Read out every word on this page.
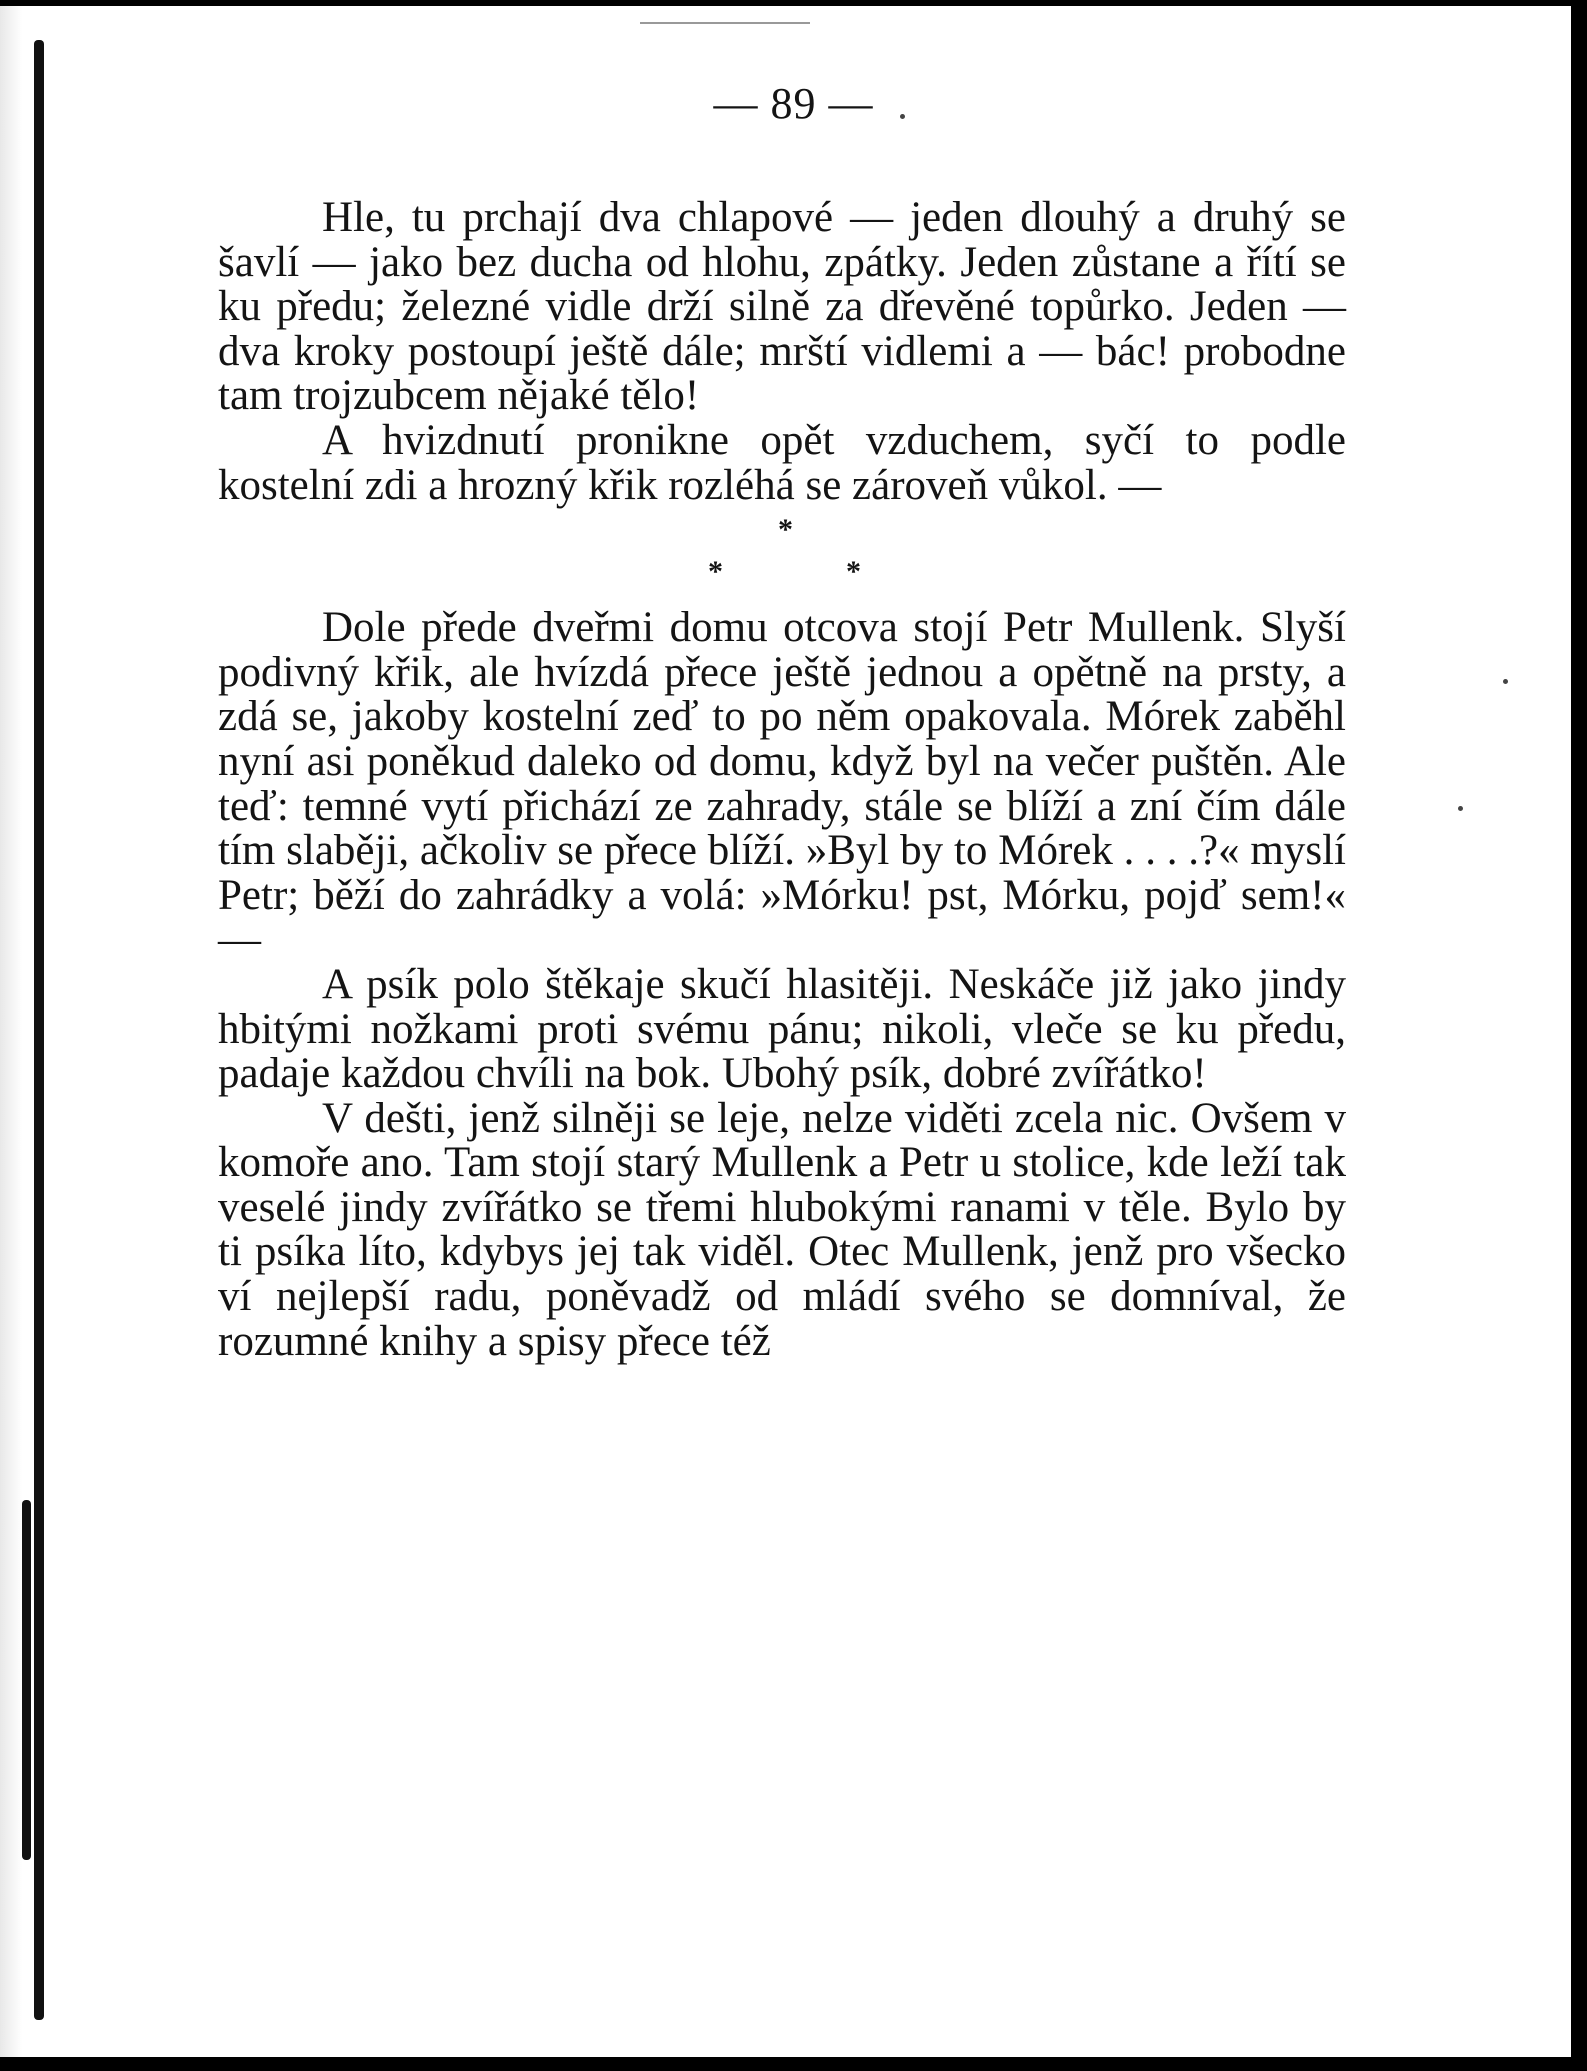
— 89 —

Hle, tu prchají dva chlapové — jeden dlouhý a druhý se šavlí — jako bez ducha od hlohu, zpátky. Jeden zůstane a řítí se ku předu; železné vidle drží silně za dřevěné topůrko. Jeden — dva kroky postoupí ještě dále; mrští vidlemi a — bác! probodne tam trojzubcem nějaké tělo!

A hvizdnutí pronikne opět vzduchem, syčí to podle kostelní zdi a hrozný křik rozléhá se zároveň vůkol. —

*
*	*

Dole přede dveřmi domu otcova stojí Petr Mullenk. Slyší podivný křik, ale hvízdá přece ještě jednou a opětně na prsty, a zdá se, jakoby kostelní zeď to po něm opakovala. Mórek zaběhl nyní asi poněkud daleko od domu, když byl na večer puštěn. Ale teď: temné vytí přichází ze zahrady, stále se blíží a zní čím dále tím slaběji, ačkoliv se přece blíží. »Byl by to Mórek . . . .?« myslí Petr; běží do zahrádky a volá: »Mórku! pst, Mórku, pojď sem!« —

A psík polo štěkaje skučí hlasitěji. Neskáče již jako jindy hbitými nožkami proti svému pánu; nikoli, vleče se ku předu, padaje každou chvíli na bok. Ubohý psík, dobré zvířátko!

V dešti, jenž silněji se leje, nelze viděti zcela nic. Ovšem v komoře ano. Tam stojí starý Mullenk a Petr u stolice, kde leží tak veselé jindy zvířátko se třemi hlubokými ranami v těle. Bylo by ti psíka líto, kdybys jej tak viděl. Otec Mullenk, jenž pro všecko ví nejlepší radu, poněvadž od mládí svého se domníval, že rozumné knihy a spisy přece též
